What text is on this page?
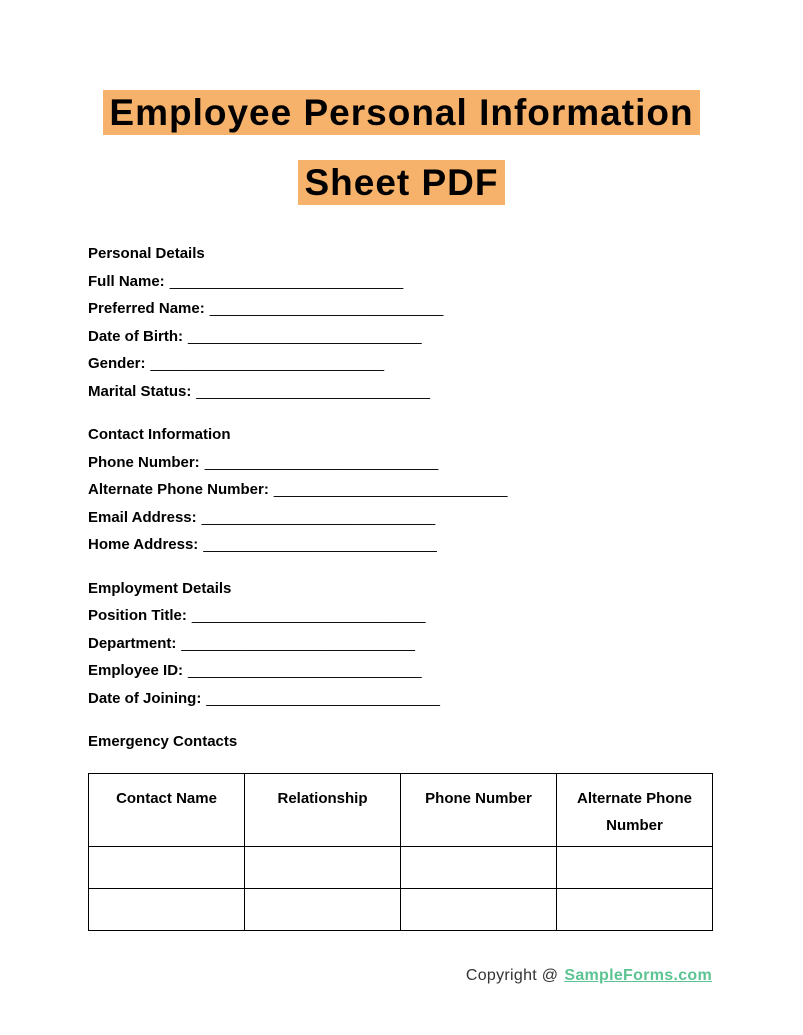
Employee Personal Information
Sheet PDF
Personal Details
Full Name: ____________________________
Preferred Name: ____________________________
Date of Birth: ____________________________
Gender: ____________________________
Marital Status: ____________________________
Contact Information
Phone Number: ____________________________
Alternate Phone Number: ____________________________
Email Address: ____________________________
Home Address: ____________________________
Employment Details
Position Title: ____________________________
Department: ____________________________
Employee ID: ____________________________
Date of Joining: ____________________________
Emergency Contacts
Contact Name	Relationship	Phone Number	Alternate Phone Number

Copyright @ SampleForms.com
